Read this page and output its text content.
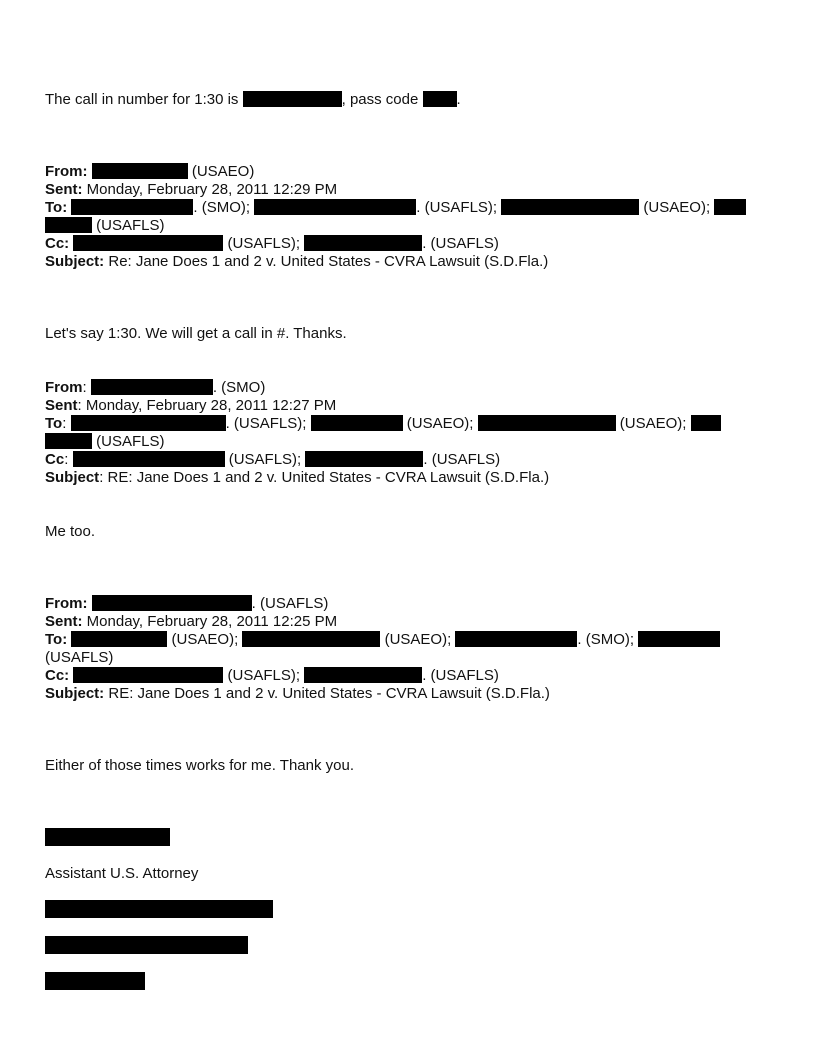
The call in number for 1:30 is	, pass code	.
From:	(USAEO)
Sent: Monday, February 28, 2011 12:29 PM
To:	. (SMO);	. (USAFLS);	(USAEO);
(USAFLS)
Cc:	(USAFLS);	. (USAFLS)
Subject: Re: Jane Does 1 and 2 v. United States - CVRA Lawsuit (S.D.Fla.)
Let's say 1:30. We will get a call in #. Thanks.
From:	. (SMO)
Sent: Monday, February 28, 2011 12:27 PM
To:	. (USAFLS);	(USAEO);	(USAEO);
(USAFLS)
Cc:	(USAFLS);	. (USAFLS)
Subject: RE: Jane Does 1 and 2 v. United States - CVRA Lawsuit (S.D.Fla.)
Me too.
From:	. (USAFLS)
Sent: Monday, February 28, 2011 12:25 PM
To:	(USAEO);	(USAEO);	. (SMO);
(USAFLS)
Cc:	(USAFLS);	. (USAFLS)
Subject: RE: Jane Does 1 and 2 v. United States - CVRA Lawsuit (S.D.Fla.)
Either of those times works for me. Thank you.
Assistant U.S. Attorney
